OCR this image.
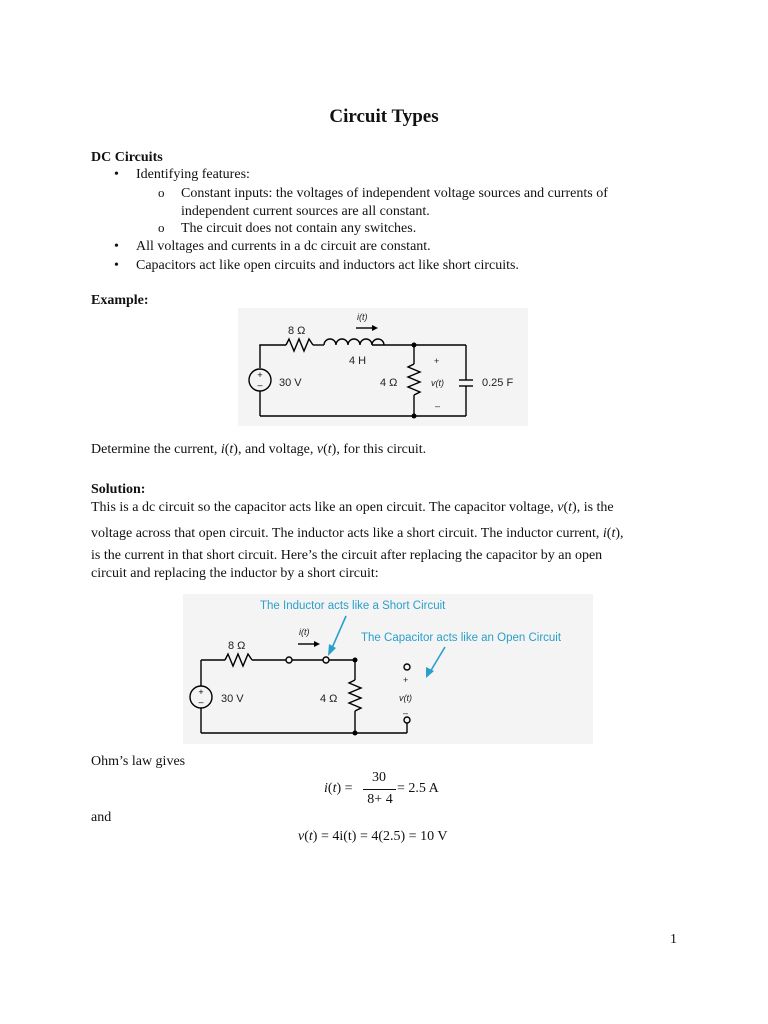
Circuit Types
DC Circuits
• Identifying features:
o Constant inputs: the voltages of independent voltage sources and currents of
independent current sources are all constant.
o The circuit does not contain any switches.
• All voltages and currents in a dc circuit are constant.
• Capacitors act like open circuits and inductors act like short circuits.
Example:
+
–
8 Ω
i(t)
4 H
30 V	4 Ω
+
v(t)
–
0.25 F
Determine the current, i(t), and voltage, v(t), for this circuit.
Solution:
This is a dc circuit so the capacitor acts like an open circuit. The capacitor voltage, v(t), is the
voltage across that open circuit. The inductor acts like a short circuit. The inductor current, i(t),
is the current in that short circuit. Here’s the circuit after replacing the capacitor by an open
circuit and replacing the inductor by a short circuit:
The Inductor acts like a Short Circuit
The Capacitor acts like an Open Circuit
+
–
8 Ω
i(t)
30 V	4 Ω
+
v(t)
–
Ohm’s law gives
i(t) =
30
8+ 4
= 2.5 A
and
v(t) = 4i(t) = 4(2.5) = 10 V
1
